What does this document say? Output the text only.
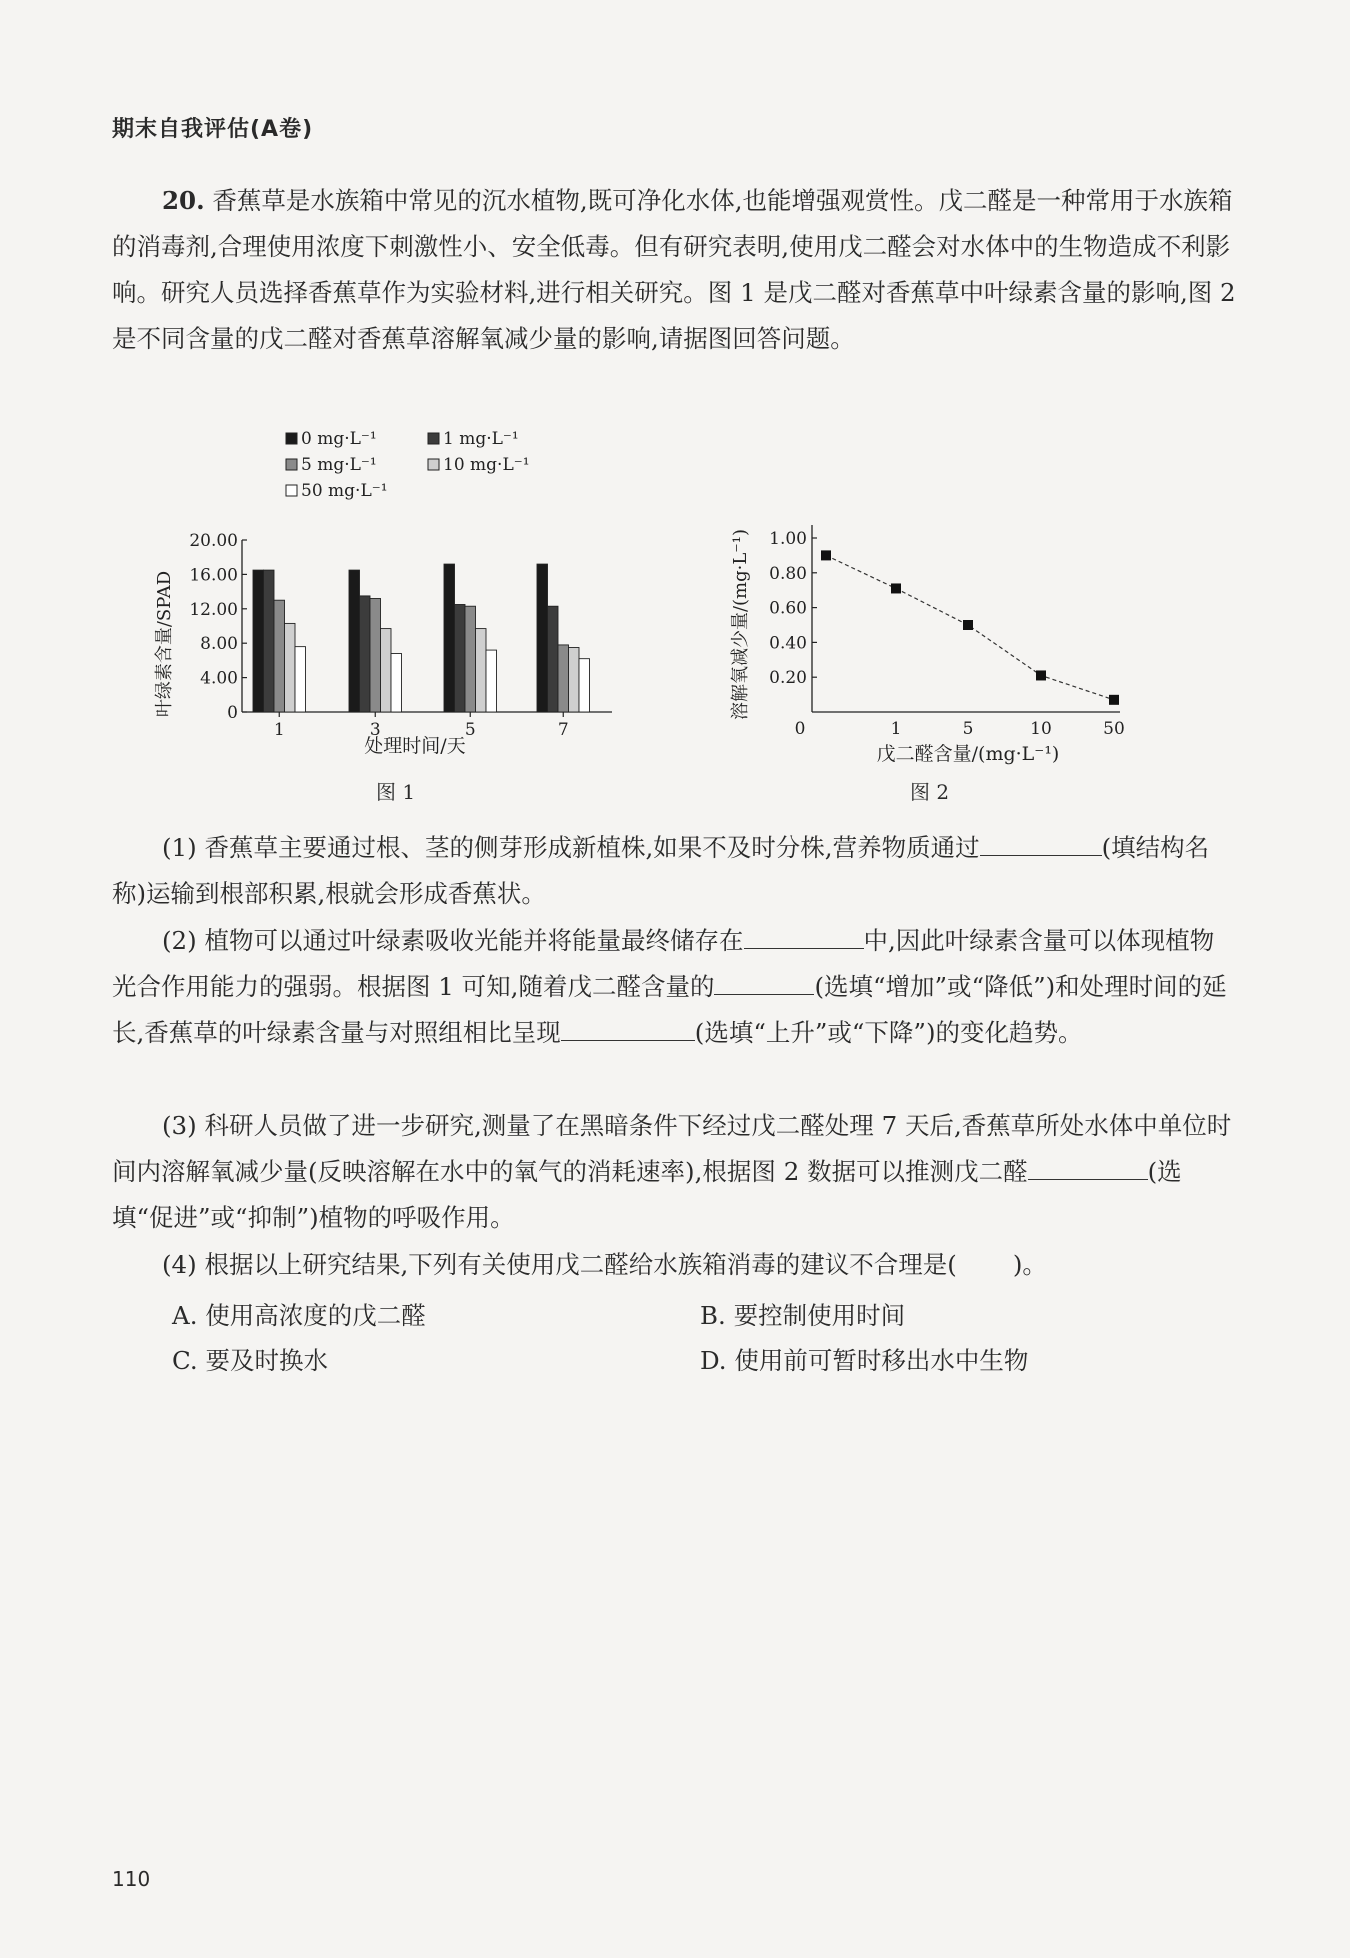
期末自我评估(A卷)
20. 香蕉草是水族箱中常见的沉水植物,既可净化水体,也能增强观赏性。戊二醛是一种常用于水族箱的消毒剂,合理使用浓度下刺激性小、安全低毒。但有研究表明,使用戊二醛会对水体中的生物造成不利影响。研究人员选择香蕉草作为实验材料,进行相关研究。图 1 是戊二醛对香蕉草中叶绿素含量的影响,图 2 是不同含量的戊二醛对香蕉草溶解氧减少量的影响,请据图回答问题。
0 mg·L⁻¹	1 mg·L⁻¹
5 mg·L⁻¹	10 mg·L⁻¹
50 mg·L⁻¹
0
4.00
8.00
12.00
16.00
20.00
叶绿素含量/SPAD
1	3	5	7
处理时间/天
图 1
1.00
0.80
0.60
0.40
0.20
溶解氧减少量/(mg·L⁻¹)
0	1	5	10	50
戊二醛含量/(mg·L⁻¹)
图 2
(1) 香蕉草主要通过根、茎的侧芽形成新植株,如果不及时分株,营养物质通过	(填结构名称)运输到根部积累,根就会形成香蕉状。
(2) 植物可以通过叶绿素吸收光能并将能量最终储存在	中,因此叶绿素含量可以体现植物光合作用能力的强弱。根据图 1 可知,随着戊二醛含量的	(选填“增加”或“降低”)和处理时间的延长,香蕉草的叶绿素含量与对照组相比呈现	(选填“上升”或“下降”)的变化趋势。
(3) 科研人员做了进一步研究,测量了在黑暗条件下经过戊二醛处理 7 天后,香蕉草所处水体中单位时间内溶解氧减少量(反映溶解在水中的氧气的消耗速率),根据图 2 数据可以推测戊二醛	(选填“促进”或“抑制”)植物的呼吸作用。
(4) 根据以上研究结果,下列有关使用戊二醛给水族箱消毒的建议不合理是( )。
A. 使用高浓度的戊二醛	B. 要控制使用时间
C. 要及时换水	D. 使用前可暂时移出水中生物
110
